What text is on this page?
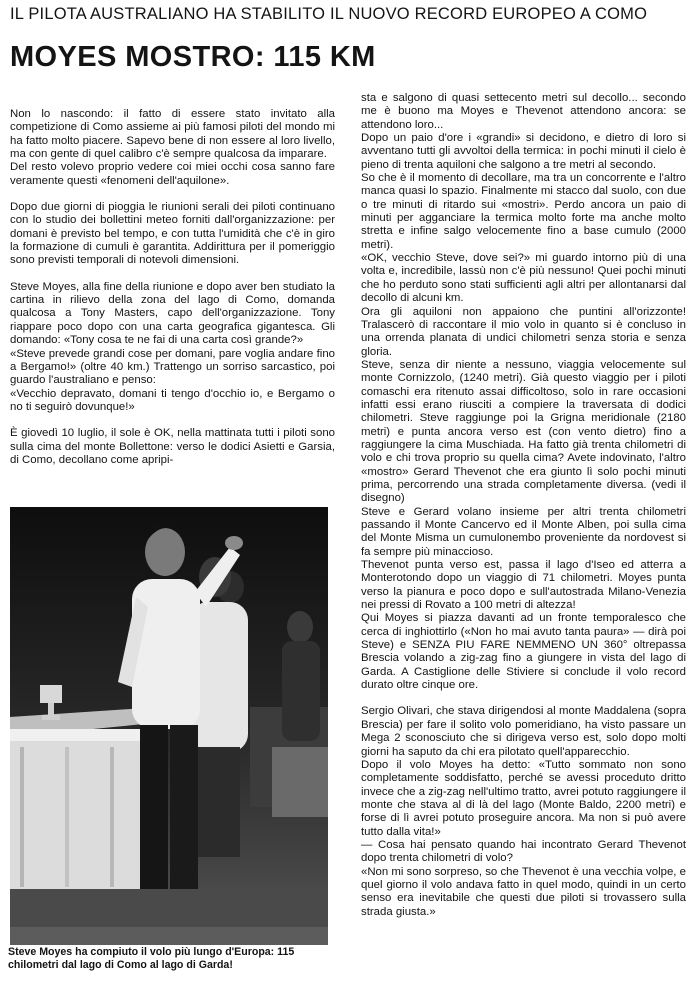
IL PILOTA AUSTRALIANO HA STABILITO IL NUOVO RECORD EUROPEO A COMO
MOYES MOSTRO: 115 KM

Non lo nascondo: il fatto di essere stato invitato alla competizione di Como assieme ai più famosi piloti del mondo mi ha fatto molto piacere. Sapevo bene di non essere al loro livello, ma con gente di quel calibro c'è sempre qualcosa da imparare.

Del resto volevo proprio vedere coi miei occhi cosa sanno fare veramente questi «fenomeni dell'aquilone».

Dopo due giorni di pioggia le riunioni serali dei piloti continuano con lo studio dei bollettini meteo forniti dall'organizzazione: per domani è previsto bel tempo, e con tutta l'umidità che c'è in giro la formazione di cumuli è garantita. Addirittura per il pomeriggio sono previsti temporali di notevoli dimensioni.

Steve Moyes, alla fine della riunione e dopo aver ben studiato la cartina in rilievo della zona del lago di Como, domanda qualcosa a Tony Masters, capo dell'organizzazione. Tony riappare poco dopo con una carta geografica gigantesca. Gli domando: «Tony cosa te ne fai di una carta così grande?»

«Steve prevede grandi cose per domani, pare voglia andare fino a Bergamo!» (oltre 40 km.) Trattengo un sorriso sarcastico, poi guardo l'australiano e penso:

«Vecchio depravato, domani ti tengo d'occhio io, e Bergamo o no ti seguirò dovunque!»

È giovedì 10 luglio, il sole è OK, nella mattinata tutti i piloti sono sulla cima del monte Bollettone: verso le dodici Asietti e Garsia, di Como, decollano come apripi-

Steve Moyes ha compiuto il volo più lungo d'Europa: 115 chilometri dal lago di Como al lago di Garda!

sta e salgono di quasi settecento metri sul decollo... secondo me è buono ma Moyes e Thevenot attendono ancora: se attendono loro...

Dopo un paio d'ore i «grandi» si decidono, e dietro di loro si avventano tutti gli avvoltoi della termica: in pochi minuti il cielo è pieno di trenta aquiloni che salgono a tre metri al secondo.

So che è il momento di decollare, ma tra un concorrente e l'altro manca quasi lo spazio. Finalmente mi stacco dal suolo, con due o tre minuti di ritardo sui «mostri». Perdo ancora un paio di minuti per agganciare la termica molto forte ma anche molto stretta e infine salgo velocemente fino a base cumulo (2000 metri).

«OK, vecchio Steve, dove sei?» mi guardo intorno più di una volta e, incredibile, lassù non c'è più nessuno! Quei pochi minuti che ho perduto sono stati sufficienti agli altri per allontanarsi dal decollo di alcuni km.

Ora gli aquiloni non appaiono che puntini all'orizzonte! Tralascerò di raccontare il mio volo in quanto si è concluso in una orrenda planata di undici chilometri senza storia e senza gloria.

Steve, senza dir niente a nessuno, viaggia velocemente sul monte Cornizzolo, (1240 metri). Già questo viaggio per i piloti comaschi era ritenuto assai difficoltoso, solo in rare occasioni infatti essi erano riusciti a compiere la traversata di dodici chilometri. Steve raggiunge poi la Grigna meridionale (2180 metri) e punta ancora verso est (con vento dietro) fino a raggiungere la cima Muschiada. Ha fatto già trenta chilometri di volo e chi trova proprio su quella cima? Avete indovinato, l'altro «mostro» Gerard Thevenot che era giunto lì solo pochi minuti prima, percorrendo una strada completamente diversa. (vedi il disegno)

Steve e Gerard volano insieme per altri trenta chilometri passando il Monte Cancervo ed il Monte Alben, poi sulla cima del Monte Misma un cumulonembo proveniente da nordovest si fa sempre più minaccioso.

Thevenot punta verso est, passa il lago d'Iseo ed atterra a Monterotondo dopo un viaggio di 71 chilometri. Moyes punta verso la pianura e poco dopo e sull'autostrada Milano-Venezia nei pressi di Rovato a 100 metri di altezza!

Qui Moyes si piazza davanti ad un fronte temporalesco che cerca di inghiottirlo («Non ho mai avuto tanta paura» — dirà poi Steve) e SENZA PIU FARE NEMMENO UN 360° oltrepassa Brescia volando a zig-zag fino a giungere in vista del lago di Garda. A Castiglione delle Stiviere si conclude il volo record durato oltre cinque ore.

Sergio Olivari, che stava dirigendosi al monte Maddalena (sopra Brescia) per fare il solito volo pomeridiano, ha visto passare un Mega 2 sconosciuto che si dirigeva verso est, solo dopo molti giorni ha saputo da chi era pilotato quell'apparecchio.

Dopo il volo Moyes ha detto: «Tutto sommato non sono completamente soddisfatto, perché se avessi proceduto dritto invece che a zig-zag nell'ultimo tratto, avrei potuto raggiungere il monte che stava al di là del lago (Monte Baldo, 2200 metri) e forse di lì avrei potuto proseguire ancora. Ma non si può avere tutto dalla vita!»

— Cosa hai pensato quando hai incontrato Gerard Thevenot dopo trenta chilometri di volo?

«Non mi sono sorpreso, so che Thevenot è una vecchia volpe, e quel giorno il volo andava fatto in quel modo, quindi in un certo senso era inevitabile che questi due piloti si trovassero sulla strada giusta.»
